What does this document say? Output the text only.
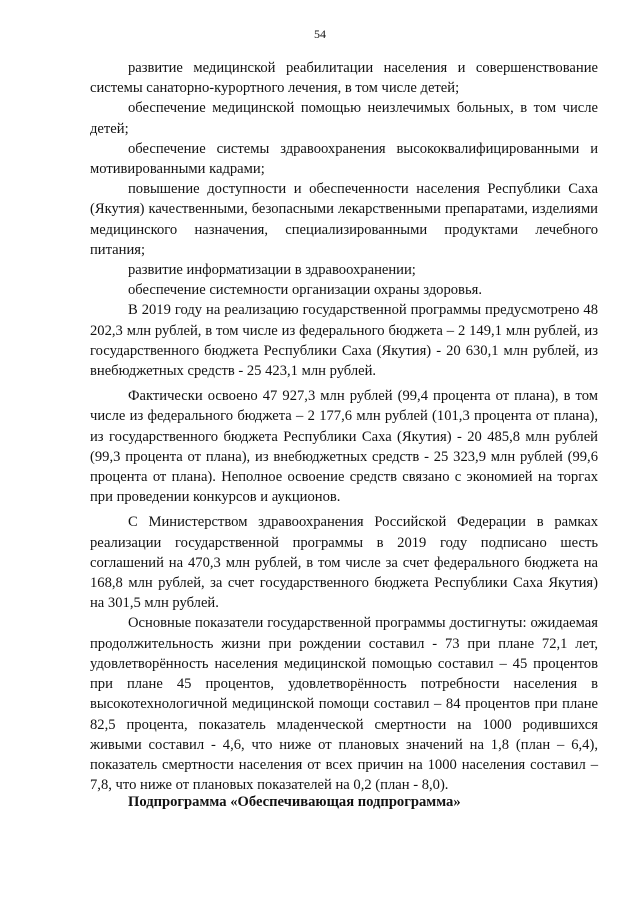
54

развитие медицинской реабилитации населения и совершенствование системы санаторно-курортного лечения, в том числе детей;

обеспечение медицинской помощью неизлечимых больных, в том числе детей;

обеспечение системы здравоохранения высококвалифицированными и мотивированными кадрами;

повышение доступности и обеспеченности населения Республики Саха (Якутия) качественными, безопасными лекарственными препаратами, изделиями медицинского назначения, специализированными продуктами лечебного питания;

развитие информатизации в здравоохранении;

обеспечение системности организации охраны здоровья.

В 2019 году на реализацию государственной программы предусмотрено 48 202,3 млн рублей, в том числе из федерального бюджета – 2 149,1 млн рублей, из государственного бюджета Республики Саха (Якутия) - 20 630,1 млн рублей, из внебюджетных средств - 25 423,1 млн рублей.

Фактически освоено 47 927,3 млн рублей (99,4 процента от плана), в том числе из федерального бюджета – 2 177,6 млн рублей (101,3 процента от плана), из государственного бюджета Республики Саха (Якутия) - 20 485,8 млн рублей (99,3 процента от плана), из внебюджетных средств - 25 323,9 млн рублей (99,6 процента от плана). Неполное освоение средств связано с экономией на торгах при проведении конкурсов и аукционов.

С Министерством здравоохранения Российской Федерации в рамках реализации государственной программы в 2019 году подписано шесть соглашений на 470,3 млн рублей, в том числе за счет федерального бюджета на 168,8 млн рублей, за счет государственного бюджета Республики Саха Якутия) на 301,5 млн рублей.

Основные показатели государственной программы достигнуты: ожидаемая продолжительность жизни при рождении составил - 73 при плане 72,1 лет, удовлетворённость населения медицинской помощью составил – 45 процентов при плане 45 процентов, удовлетворённость потребности населения в высокотехнологичной медицинской помощи составил – 84 процентов при плане 82,5 процента, показатель младенческой смертности на 1000 родившихся живыми составил - 4,6, что ниже от плановых значений на 1,8 (план – 6,4), показатель смертности населения от всех причин на 1000 населения составил – 7,8, что ниже от плановых показателей на 0,2 (план - 8,0).

Подпрограмма «Обеспечивающая подпрограмма»
